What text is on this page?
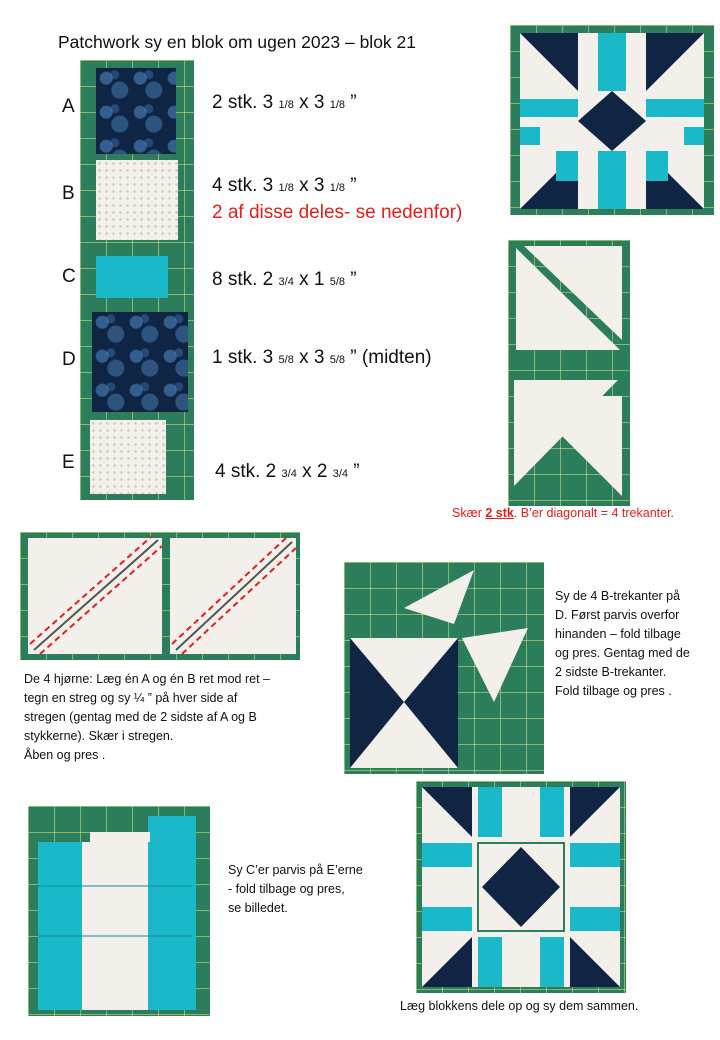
Patchwork sy en blok om ugen 2023 – blok 21
A
B
C
D
E
2 stk. 3 1/8 x 3 1/8 ”
4 stk. 3 1/8 x 3 1/8 ”
2 af disse deles- se nedenfor)
8 stk. 2 3/4 x 1 5/8 ”
1 stk. 3 5/8 x 3 5/8 ” (midten)
4 stk. 2 3/4 x 2 3/4 ”
Skær 2 stk. B’er diagonalt = 4 trekanter.
De 4 hjørne: Læg én A og én B ret mod ret –
tegn en streg og sy ¼ ” på hver side af
stregen (gentag med de 2 sidste af A og B
stykkerne). Skær i stregen.
Åben og pres .
Sy de 4 B-trekanter på
D. Først parvis overfor
hinanden – fold tilbage
og pres. Gentag med de
2 sidste B-trekanter.
Fold tilbage og pres .
Sy C’er parvis på E’erne
- fold tilbage og pres,
se billedet.
Læg blokkens dele op og sy dem sammen.
